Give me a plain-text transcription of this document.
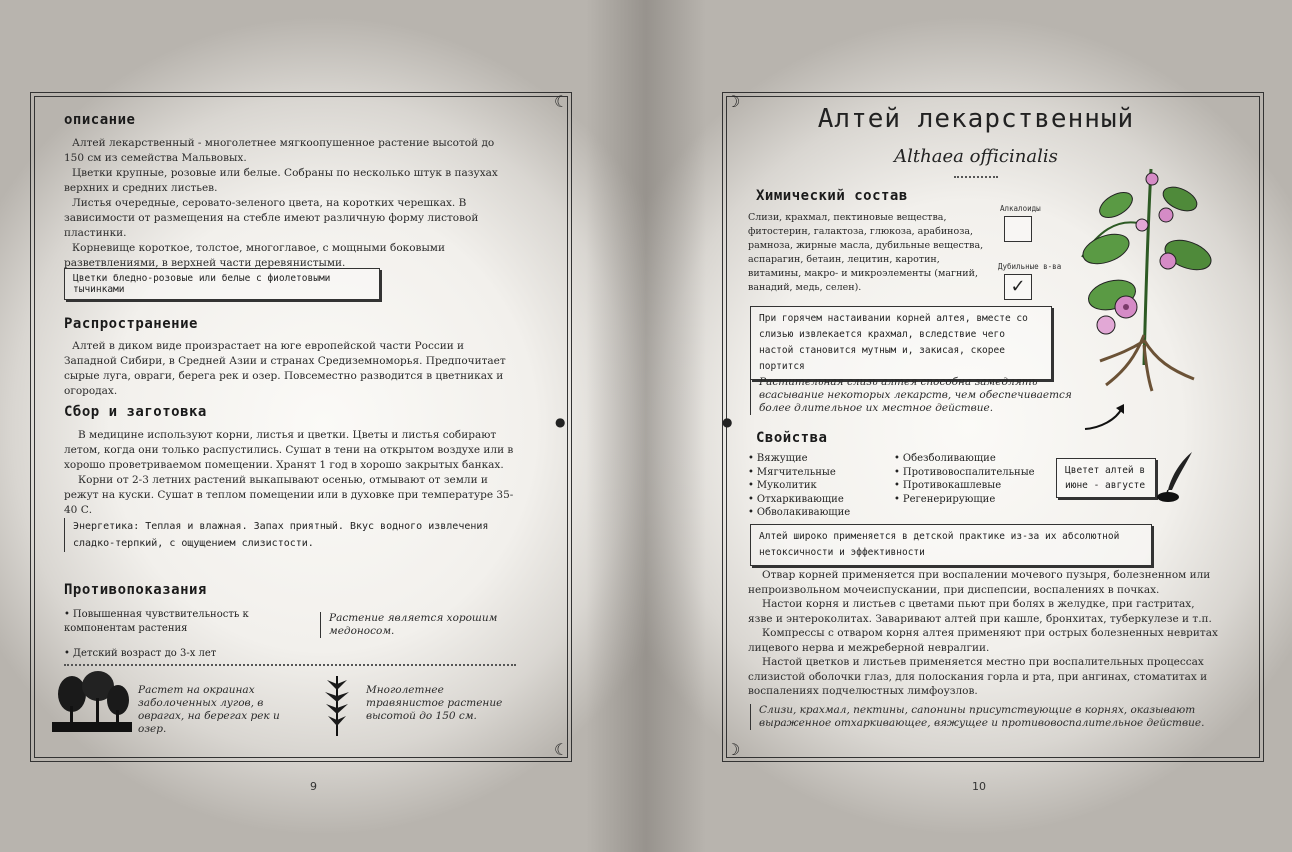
☾
☾
●
описание

Алтей лекарственный - многолетнее мягкоопушенное растение высотой до 150 см из семейства Мальвовых.

Цветки крупные, розовые или белые. Собраны по несколько штук в пазухах верхних и средних листьев.

Листья очередные, серовато-зеленого цвета, на коротких черешках. В зависимости от размещения на стебле имеют различную форму листовой пластинки.

Корневище короткое, толстое, многоглавое, с мощными боковыми разветвлениями, в верхней части деревянистыми.

Цветки бледно-розовые или белые с фиолетовыми тычинками
Распространение

Алтей в диком виде произрастает на юге европейской части России и Западной Сибири, в Средней Азии и странах Средиземноморья. Предпочитает сырые луга, овраги, берега рек и озер. Повсеместно разводится в цветниках и огородах.

Сбор и заготовка

В медицине используют корни, листья и цветки. Цветы и листья собирают летом, когда они только распустились. Сушат в тени на открытом воздухе или в хорошо проветриваемом помещении. Хранят 1 год в хорошо закрытых банках.

Корни от 2-3 летних растений выкапывают осенью, отмывают от земли и режут на куски. Сушат в теплом помещении или в духовке при температуре 35-40 С.

Энергетика: Теплая и влажная. Запах приятный. Вкус водного извлечения сладко-терпкий, с ощущением слизистости.
Противопоказания
• Повышенная чувствительность к компонентам растения
• Детский возраст до 3-х лет
Растение является хорошим медоносом.
Растет на окраинах заболоченных лугов, в оврагах, на берегах рек и озер.
Многолетнее травянистое растение высотой до 150 см.
9
☽
☽
●
Алтей лекарственный
Althaea officinalis
Химический состав

Слизи, крахмал, пектиновые вещества, фитостерин, галактоза, глюкоза, арабиноза, рамноза, жирные масла, дубильные вещества, аспарагин, бетаин, лецитин, каротин, витамины, макро- и микроэлементы (магний, ванадий, медь, селен).

Алкалоиды
Дубильные в-ва
✓
При горячем настаивании корней алтея, вместе со слизью извлекается крахмал, вследствие чего настой становится мутным и, закисая, скорее портится
Растительная слизь алтея способна замедлять всасывание некоторых лекарств, чем обеспечивается более длительное их местное действие.
Свойства
• Вяжущие
• Мягчительные
• Муколитик
• Отхаркивающие
• Обволакивающие
• Обезболивающие
• Противовоспалительные
• Противокашлевые
• Регенерирующие
Цветет алтей в июне - августе
Алтей широко применяется в детской практике из-за их абсолютной нетоксичности и эффективности

Отвар корней применяется при воспалении мочевого пузыря, болезненном или непроизвольном мочеиспускании, при диспепсии, воспалениях в почках.

Настои корня и листьев с цветами пьют при болях в желудке, при гастритах, язве и энтероколитах. Заваривают алтей при кашле, бронхитах, туберкулезе и т.п.

Компрессы с отваром корня алтея применяют при острых болезненных невритах лицевого нерва и межреберной невралгии.

Настой цветков и листьев применяется местно при воспалительных процессах слизистой оболочки глаз, для полоскания горла и рта, при ангинах, стоматитах и воспалениях подчелюстных лимфоузлов.

Слизи, крахмал, пектины, сапонины присутствующие в корнях, оказывают выраженное отхаркивающее, вяжущее и противовоспалительное действие.
10
